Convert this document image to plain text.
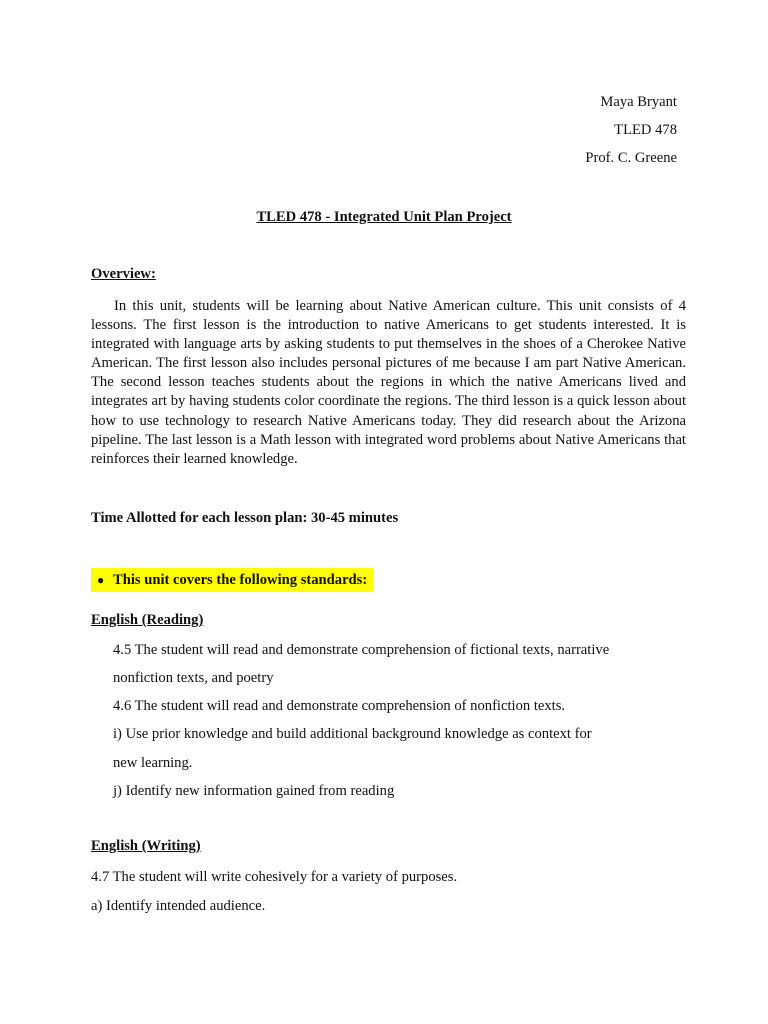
Maya Bryant
TLED 478
Prof. C. Greene
TLED 478 - Integrated Unit Plan Project
Overview:

In this unit, students will be learning about Native American culture. This unit consists of 4 lessons. The first lesson is the introduction to native Americans to get students interested. It is integrated with language arts by asking students to put themselves in the shoes of a Cherokee Native American. The first lesson also includes personal pictures of me because I am part Native American. The second lesson teaches students about the regions in which the native Americans lived and integrates art by having students color coordinate the regions. The third lesson is a quick lesson about how to use technology to research Native Americans today. They did research about the Arizona pipeline. The last lesson is a Math lesson with integrated word problems about Native Americans that reinforces their learned knowledge.

Time Allotted for each lesson plan: 30-45 minutes
● This unit covers the following standards:
English (Reading)
4.5 The student will read and demonstrate comprehension of fictional texts, narrative
nonfiction texts, and poetry
4.6 The student will read and demonstrate comprehension of nonfiction texts.
i) Use prior knowledge and build additional background knowledge as context for
new learning.
j) Identify new information gained from reading
English (Writing)
4.7 The student will write cohesively for a variety of purposes.
a) Identify intended audience.
